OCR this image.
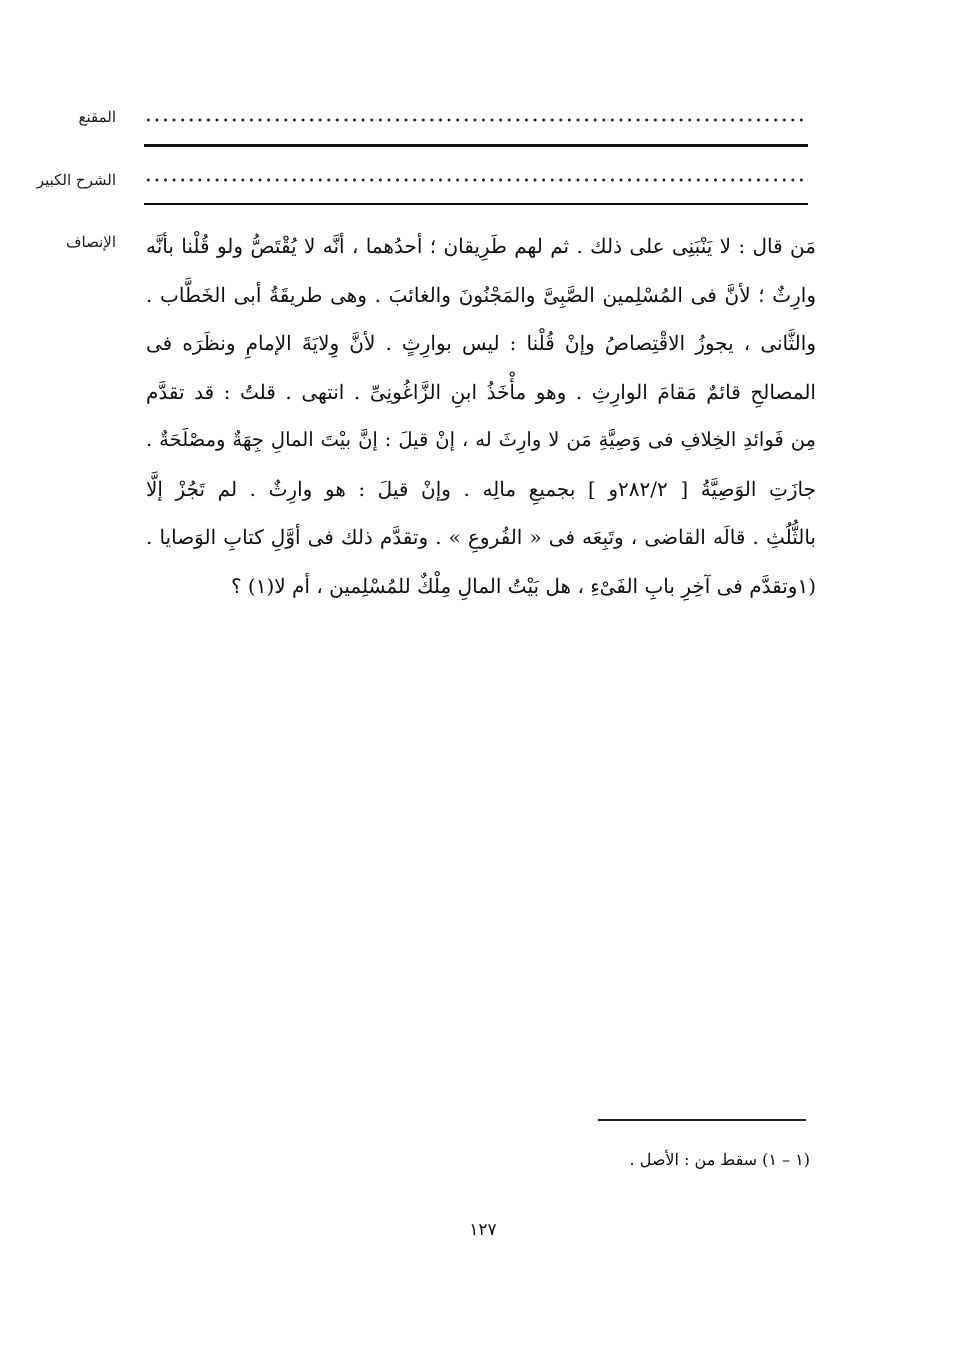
المقنع
الشرح الكبير
الإنصاف مَن قال : لا يَنْبَنِى على ذلك . ثم لهم طَرِيقان ؛ أحدُهما ، أنَّه لا يُقْتَصُّ ولو قُلْنا بأنَّه
وارِثٌ ؛ لأنَّ فى المُسْلِمين الصَّبِىَّ والمَجْنُونَ والغائبَ . وهى طريقَةُ أبى الخَطَّاب .
والثَّانى ، يجوزُ الاقْتِصاصُ وإنْ قُلْنا : ليس بوارِثٍ . لأنَّ وِلايَةَ الإمامِ ونظَرَه فى
المصالحِ قائمٌ مَقامَ الوارِثِ . وهو مأْخَذُ ابنِ الزَّاغُونِىِّ . انتهى . قلتُ : قد تقدَّم
مِن فَوائدِ الخِلافِ فى وَصِيَّةِ مَن لا وارِثَ له ، إنْ قيلَ : إنَّ بيْتَ المالِ جِهَةٌ ومصْلَحَةٌ .
جازَتِ الوَصِيَّةُ [ ٢٨٢/٢و ] بجميعِ مالِه . وإنْ قيلَ : هو وارِثٌ . لم تَجُزْ إلَّا
بالثُّلُثِ . قالَه القاضى ، وتَبِعَه فى « الفُروعِ » . وتقدَّم ذلك فى أوَّلِ كتابِ الوَصايا .
(١وتقدَّم فى آخِرِ بابِ الفَىْءِ ، هل بَيْتُ المالِ مِلْكٌ للمُسْلِمين ، أم لا(١) ؟
(١ – ١) سقط من : الأصل .
١٢٧
